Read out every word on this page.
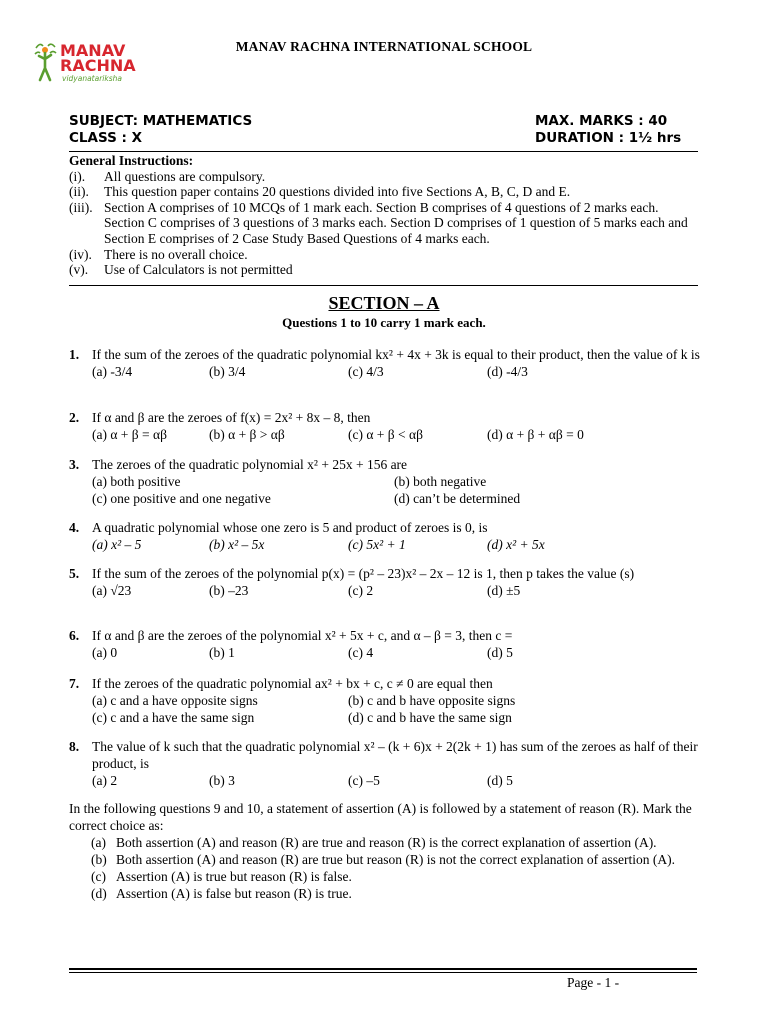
MANAV
RACHNA
vidyanatariksha
MANAV RACHNA INTERNATIONAL SCHOOL
SUBJECT: MATHEMATICS
CLASS : X
MAX. MARKS : 40
DURATION : 1½ hrs
General Instructions:
(i).	All questions are compulsory.
(ii).	This question paper contains 20 questions divided into five Sections A, B, C, D and E.
(iii). Section A comprises of 10 MCQs of 1 mark each. Section B comprises of 4 questions of 2 marks each. Section C comprises of 3 questions of 3 marks each. Section D comprises of 1 question of 5 marks each and Section E comprises of 2 Case Study Based Questions of 4 marks each.
(iv). There is no overall choice.
(v).	Use of Calculators is not permitted
SECTION – A
Questions 1 to 10 carry 1 mark each.
1. If the sum of the zeroes of the quadratic polynomial kx² + 4x + 3k is equal to their product, then the value of k is
(a) -3/4	(b) 3/4	(c) 4/3	(d) -4/3
2. If α and β are the zeroes of f(x) = 2x² + 8x – 8, then
(a) α + β = αβ	(b) α + β > αβ	(c) α + β < αβ	(d) α + β + αβ = 0
3. The zeroes of the quadratic polynomial x² + 25x + 156 are
(a) both positive	(b) both negative
(c) one positive and one negative	(d) can’t be determined
4. A quadratic polynomial whose one zero is 5 and product of zeroes is 0, is
(a) x² – 5	(b) x² – 5x	(c) 5x² + 1	(d) x² + 5x
5. If the sum of the zeroes of the polynomial p(x) = (p² – 23)x² – 2x – 12 is 1, then p takes the value (s)
(a) √23	(b) –23	(c) 2	(d) ±5
6. If α and β are the zeroes of the polynomial x² + 5x + c, and α – β = 3, then c =
(a) 0	(b) 1	(c) 4	(d) 5
7. If the zeroes of the quadratic polynomial ax² + bx + c, c ≠ 0 are equal then
(a) c and a have opposite signs	(b) c and b have opposite signs
(c) c and a have the same sign	(d) c and b have the same sign
8. The value of k such that the quadratic polynomial x² – (k + 6)x + 2(2k + 1) has sum of the zeroes as half of their product, is
(a) 2	(b) 3	(c) –5	(d) 5
In the following questions 9 and 10, a statement of assertion (A) is followed by a statement of reason (R). Mark the correct choice as:
(a) Both assertion (A) and reason (R) are true and reason (R) is the correct explanation of assertion (A).
(b) Both assertion (A) and reason (R) are true but reason (R) is not the correct explanation of assertion (A).
(c) Assertion (A) is true but reason (R) is false.
(d) Assertion (A) is false but reason (R) is true.
Page - 1 -
